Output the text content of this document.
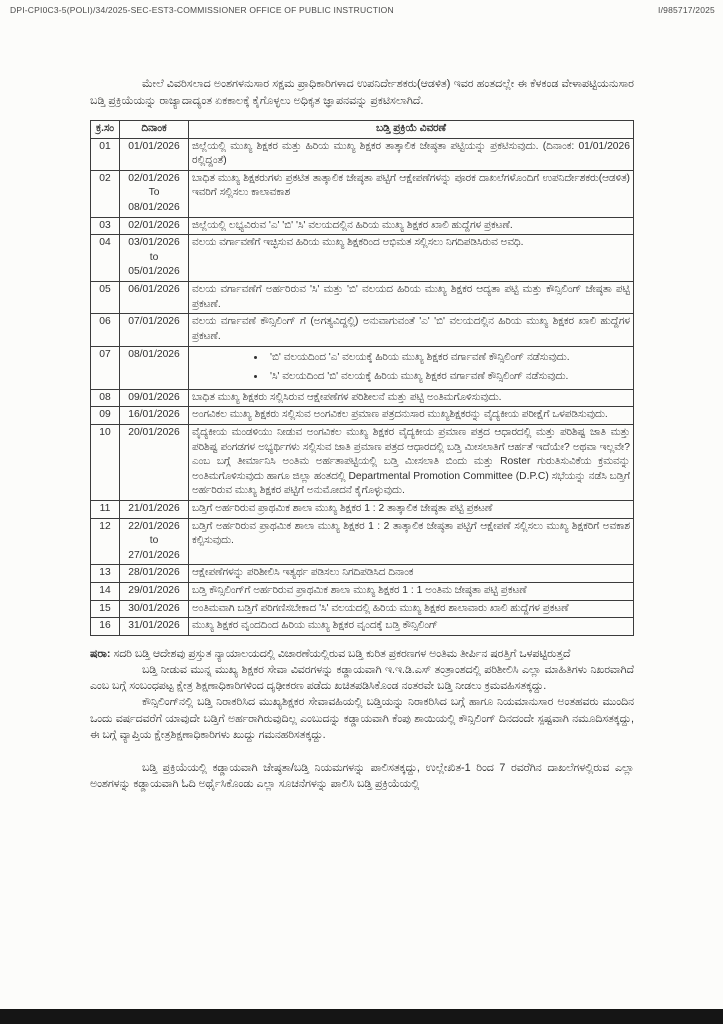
DPI-CPI0C3-5(POLI)/34/2025-SEC-EST3-COMMISSIONER OFFICE OF PUBLIC INSTRUCTION	I/985717/2025

ಮೇಲೆ ವಿವರಿಸಲಾದ ಅಂಶಗಳನುಸಾರ ಸಕ್ಷಮ ಪ್ರಾಧಿಕಾರಿಗಳಾದ ಉಪನಿರ್ದೇಶಕರು(ಆಡಳಿತ) ಇವರ ಹಂತದಲ್ಲೇ ಈ ಕೆಳಕಂಡ ವೇಳಾಪಟ್ಟಿಯನುಸಾರ ಬಡ್ತಿ ಪ್ರಕ್ರಿಯೆಯನ್ನು ರಾಜ್ಯಾದಾದ್ಯಂತ ಏಕಕಾಲಕ್ಕೆ ಕೈಗೊಳ್ಳಲು ಅಧಿಕೃತ ಜ್ಞಾಪನವನ್ನು ಪ್ರಕಟಿಸಲಾಗಿದೆ.

ಕ್ರ.ಸಂ	ದಿನಾಂಕ	ಬಡ್ತಿ ಪ್ರಕ್ರಿಯೆ ವಿವರಣೆ
01	01/01/2026	ಜಿಲ್ಲೆಯಲ್ಲಿ ಮುಖ್ಯ ಶಿಕ್ಷಕರ ಮತ್ತು ಹಿರಿಯ ಮುಖ್ಯ ಶಿಕ್ಷಕರ ತಾತ್ಕಾಲಿಕ ಜೇಷ್ಠತಾ ಪಟ್ಟಿಯನ್ನು ಪ್ರಕಟಿಸುವುದು. (ದಿನಾಂಕ: 01/01/2026 ರಲ್ಲಿದ್ದಂತೆ)
02	02/01/2026
To
08/01/2026	ಬಾಧಿತ ಮುಖ್ಯ ಶಿಕ್ಷಕರುಗಳು ಪ್ರಕಟಿತ ತಾತ್ಕಾಲಿಕ ಜೇಷ್ಠತಾ ಪಟ್ಟಿಗೆ ಆಕ್ಷೇಪಣೆಗಳನ್ನು ಪೂರಕ ದಾಖಲೆಗಳೊಂದಿಗೆ ಉಪನಿರ್ದೇಶಕರು(ಆಡಳಿತ) ಇವರಿಗೆ ಸಲ್ಲಿಸಲು ಕಾಲಾವಕಾಶ
03	02/01/2026	ಜಿಲ್ಲೆಯಲ್ಲಿ ಲಭ್ಯವಿರುವ 'ಎ' 'ಬಿ' 'ಸಿ' ವಲಯದಲ್ಲಿನ ಹಿರಿಯ ಮುಖ್ಯ ಶಿಕ್ಷಕರ ಖಾಲಿ ಹುದ್ದೆಗಳ ಪ್ರಕಟಣೆ.
04	03/01/2026
to
05/01/2026	ವಲಯ ವರ್ಗಾವಣೆಗೆ ಇಚ್ಛಿಸುವ ಹಿರಿಯ ಮುಖ್ಯ ಶಿಕ್ಷಕರಿಂದ ಅಭಿಮತ ಸಲ್ಲಿಸಲು ನಿಗದಿಪಡಿಸಿರುವ ಅವಧಿ.
05	06/01/2026	ವಲಯ ವರ್ಗಾವಣೆಗೆ ಅರ್ಹರಿರುವ 'ಸಿ' ಮತ್ತು 'ಬಿ' ವಲಯದ ಹಿರಿಯ ಮುಖ್ಯ ಶಿಕ್ಷಕರ ಆದ್ಯತಾ ಪಟ್ಟಿ ಮತ್ತು ಕೌನ್ಸಿಲಿಂಗ್ ಜೇಷ್ಠತಾ ಪಟ್ಟಿ ಪ್ರಕಟಣೆ.
06	07/01/2026	ವಲಯ ವರ್ಗಾವಣೆ ಕೌನ್ಸಿಲಿಂಗ್ ಗೆ (ಅಗತ್ಯವಿದ್ದಲ್ಲಿ) ಅನುವಾಗುವಂತೆ 'ಎ' 'ಬಿ' ವಲಯದಲ್ಲಿನ ಹಿರಿಯ ಮುಖ್ಯ ಶಿಕ್ಷಕರ ಖಾಲಿ ಹುದ್ದೆಗಳ ಪ್ರಕಟಣೆ.
07	08/01/2026

•'ಬಿ' ವಲಯದಿಂದ 'ಎ' ವಲಯಕ್ಕೆ ಹಿರಿಯ ಮುಖ್ಯ ಶಿಕ್ಷಕರ ವರ್ಗಾವಣೆ ಕೌನ್ಸಿಲಿಂಗ್ ನಡೆಸುವುದು.
• 'ಸಿ' ವಲಯದಿಂದ 'ಬಿ' ವಲಯಕ್ಕೆ ಹಿರಿಯ ಮುಖ್ಯ ಶಿಕ್ಷಕರ ವರ್ಗಾವಣೆ ಕೌನ್ಸಿಲಿಂಗ್ ನಡೆಸುವುದು.

08	09/01/2026	ಬಾಧಿತ ಮುಖ್ಯ ಶಿಕ್ಷಕರು ಸಲ್ಲಿಸಿರುವ ಆಕ್ಷೇಪಣೆಗಳ ಪರಿಶೀಲನೆ ಮತ್ತು ಪಟ್ಟಿ ಅಂತಿಮಗೊಳಿಸುವುದು.
09	16/01/2026	ಅಂಗವಿಕಲ ಮುಖ್ಯ ಶಿಕ್ಷಕರು ಸಲ್ಲಿಸುವ ಅಂಗವಿಕಲ ಪ್ರಮಾಣ ಪತ್ರದನುಸಾರ ಮುಖ್ಯಶಿಕ್ಷಕರನ್ನು ವೈದ್ಯಕೀಯ ಪರೀಕ್ಷೆಗೆ ಒಳಪಡಿಸುವುದು.
10	20/01/2026	ವೈದ್ಯಕೀಯ ಮಂಡಳಿಯು ನೀಡುವ ಅಂಗವಿಕಲ ಮುಖ್ಯ ಶಿಕ್ಷಕರ ವೈದ್ಯಕೀಯ ಪ್ರಮಾಣ ಪತ್ರದ ಆಧಾರದಲ್ಲಿ ಮತ್ತು ಪರಿಶಿಷ್ಟ ಜಾತಿ ಮತ್ತು ಪರಿಶಿಷ್ಟ ಪಂಗಡಗಳ ಅಭ್ಯರ್ಥಿಗಳು ಸಲ್ಲಿಸುವ ಜಾತಿ ಪ್ರಮಾಣ ಪತ್ರದ ಆಧಾರದಲ್ಲಿ ಬಡ್ತಿ ಮೀಸಲಾತಿಗೆ ಆರ್ಹತೆ ಇದೆಯೇ? ಅಥವಾ ಇಲ್ಲವೇ? ಎಂಬ ಬಗ್ಗೆ ತೀರ್ಮಾನಿಸಿ ಅಂತಿಮ ಅರ್ಹತಾಪಟ್ಟಿಯಲ್ಲಿ ಬಡ್ತಿ ಮೀಸಲಾತಿ ಬಿಂದು ಮತ್ತು Roster ಗುರುತಿಸುವಿಕೆಯ ಕ್ರಮವನ್ನು ಅಂತಿಮಗೊಳಿಸುವುದು ಹಾಗೂ ಜಿಲ್ಲಾ ಹಂತದಲ್ಲಿ Departmental Promotion Committee (D.P.C) ಸಭೆಯನ್ನು ನಡೆಸಿ ಬಡ್ತಿಗೆ ಅರ್ಹರಿರುವ ಮುಖ್ಯ ಶಿಕ್ಷಕರ ಪಟ್ಟಿಗೆ ಅನುಮೋದನೆ ಕೈಗೊಳ್ಳುವುದು.
11	21/01/2026	ಬಡ್ತಿಗೆ ಅರ್ಹರಿರುವ ಪ್ರಾಥಮಿಕ ಶಾಲಾ ಮುಖ್ಯ ಶಿಕ್ಷಕರ 1 : 2 ತಾತ್ಕಾಲಿಕ ಜೇಷ್ಠತಾ ಪಟ್ಟಿ ಪ್ರಕಟಣೆ
12	22/01/2026
to
27/01/2026	ಬಡ್ತಿಗೆ ಅರ್ಹರಿರುವ ಪ್ರಾಥಮಿಕ ಶಾಲಾ ಮುಖ್ಯ ಶಿಕ್ಷಕರ 1 : 2 ತಾತ್ಕಾಲಿಕ ಜೇಷ್ಠತಾ ಪಟ್ಟಿಗೆ ಆಕ್ಷೇಪಣೆ ಸಲ್ಲಿಸಲು ಮುಖ್ಯ ಶಿಕ್ಷಕರಿಗೆ ಅವಕಾಶ ಕಲ್ಪಿಸುವುದು.
13	28/01/2026	ಆಕ್ಷೇಪಣೆಗಳನ್ನು ಪರಿಶೀಲಿಸಿ ಇತ್ಯರ್ಥ ಪಡಿಸಲು ನಿಗದಿಪಡಿಸಿದ ದಿನಾಂಕ
14	29/01/2026	ಬಡ್ತಿ ಕೌನ್ಸಿಲಿಂಗ್‌ಗೆ ಅರ್ಹರಿರುವ ಪ್ರಾಥಮಿಕ ಶಾಲಾ ಮುಖ್ಯ ಶಿಕ್ಷಕರ 1 : 1 ಅಂತಿಮ ಜೇಷ್ಠತಾ ಪಟ್ಟಿ ಪ್ರಕಟಣೆ
15	30/01/2026	ಅಂತಿಮವಾಗಿ ಬಡ್ತಿಗೆ ಪರಿಗಣಿಸಬೇಕಾದ 'ಸಿ' ವಲಯದಲ್ಲಿ ಹಿರಿಯ ಮುಖ್ಯ ಶಿಕ್ಷಕರ ಶಾಲಾವಾರು ಖಾಲಿ ಹುದ್ದೆಗಳ ಪ್ರಕಟಣೆ
16	31/01/2026	ಮುಖ್ಯ ಶಿಕ್ಷಕರ ವೃಂದದಿಂದ ಹಿರಿಯ ಮುಖ್ಯ ಶಿಕ್ಷಕರ ವೃಂದಕ್ಕೆ ಬಡ್ತಿ ಕೌನ್ಸಿಲಿಂಗ್

ಷರಾ: ಸದರಿ ಬಡ್ತಿ ಆದೇಶವು ಪ್ರಸ್ತುತ ನ್ಯಾಯಾಲಯದಲ್ಲಿ ವಿಚಾರಣೆಯಲ್ಲಿರುವ ಬಡ್ತಿ ಕುರಿತ ಪ್ರಕರಣಗಳ ಅಂತಿಮ ತೀರ್ಪಿನ ಷರತ್ತಿಗೆ ಒಳಪಟ್ಟಿರುತ್ತದೆ

ಬಡ್ತಿ ನೀಡುವ ಮುನ್ನ ಮುಖ್ಯ ಶಿಕ್ಷಕರ ಸೇವಾ ವಿವರಗಳನ್ನು ಕಡ್ಡಾಯವಾಗಿ ಇ.ಇ.ಡಿ.ಎಸ್ ತಂತ್ರಾಂಶದಲ್ಲಿ ಪರಿಶೀಲಿಸಿ ಎಲ್ಲಾ ಮಾಹಿತಿಗಳು ನಿಖರವಾಗಿದೆ ಎಂಬ ಬಗ್ಗೆ ಸಂಬಂಧಪಟ್ಟ ಕ್ಷೇತ್ರ ಶಿಕ್ಷಣಾಧಿಕಾರಿಗಳಿಂದ ದೃಢೀಕರಣ ಪಡೆದು ಖಚಿತಪಡಿಸಿಕೊಂಡ ನಂತರವೇ ಬಡ್ತಿ ನೀಡಲು ಕ್ರಮವಹಿಸತಕ್ಕದ್ದು.

ಕೌನ್ಸಿಲಿಂಗ್‌ನಲ್ಲಿ ಬಡ್ತಿ ನಿರಾಕರಿಸಿದ ಮುಖ್ಯಶಿಕ್ಷಕರ ಸೇವಾವಹಿಯಲ್ಲಿ ಬಡ್ತಿಯನ್ನು ನಿರಾಕರಿಸಿದ ಬಗ್ಗೆ ಹಾಗೂ ನಿಯಮಾನುಸಾರ ಅಂತಹವರು ಮುಂದಿನ ಒಂದು ವರ್ಷದವರೆಗೆ ಯಾವುದೇ ಬಡ್ತಿಗೆ ಅರ್ಹರಾಗಿರುವುದಿಲ್ಲ ಎಂಬುದನ್ನು ಕಡ್ಡಾಯವಾಗಿ ಕೆಂಪು ಶಾಯಿಯಲ್ಲಿ ಕೌನ್ಸಿಲಿಂಗ್ ದಿನದಂದೇ ಸ್ಪಷ್ಟವಾಗಿ ನಮೂದಿಸತಕ್ಕದ್ದು, ಈ ಬಗ್ಗೆ ವ್ಯಾಪ್ತಿಯ ಕ್ಷೇತ್ರಶಿಕ್ಷಣಾಧಿಕಾರಿಗಳು ಖುದ್ದು ಗಮನಹರಿಸತಕ್ಕದ್ದು.

ಬಡ್ತಿ ಪ್ರಕ್ರಿಯೆಯಲ್ಲಿ ಕಡ್ಡಾಯವಾಗಿ ಜೇಷ್ಠತಾ/ಬಡ್ತಿ ನಿಯಮಗಳನ್ನು ಪಾಲಿಸತಕ್ಕದ್ದು, ಉಲ್ಲೇಖಿತ-1 ರಿಂದ 7 ರವರೆಗಿನ ದಾಖಲೆಗಳಲ್ಲಿರುವ ಎಲ್ಲಾ ಅಂಶಗಳನ್ನು ಕಡ್ಡಾಯವಾಗಿ ಓದಿ ಅರ್ಥೈಸಿಕೊಂಡು ಎಲ್ಲಾ ಸೂಚನೆಗಳನ್ನು ಪಾಲಿಸಿ ಬಡ್ತಿ ಪ್ರಕ್ರಿಯೆಯಲ್ಲಿ
